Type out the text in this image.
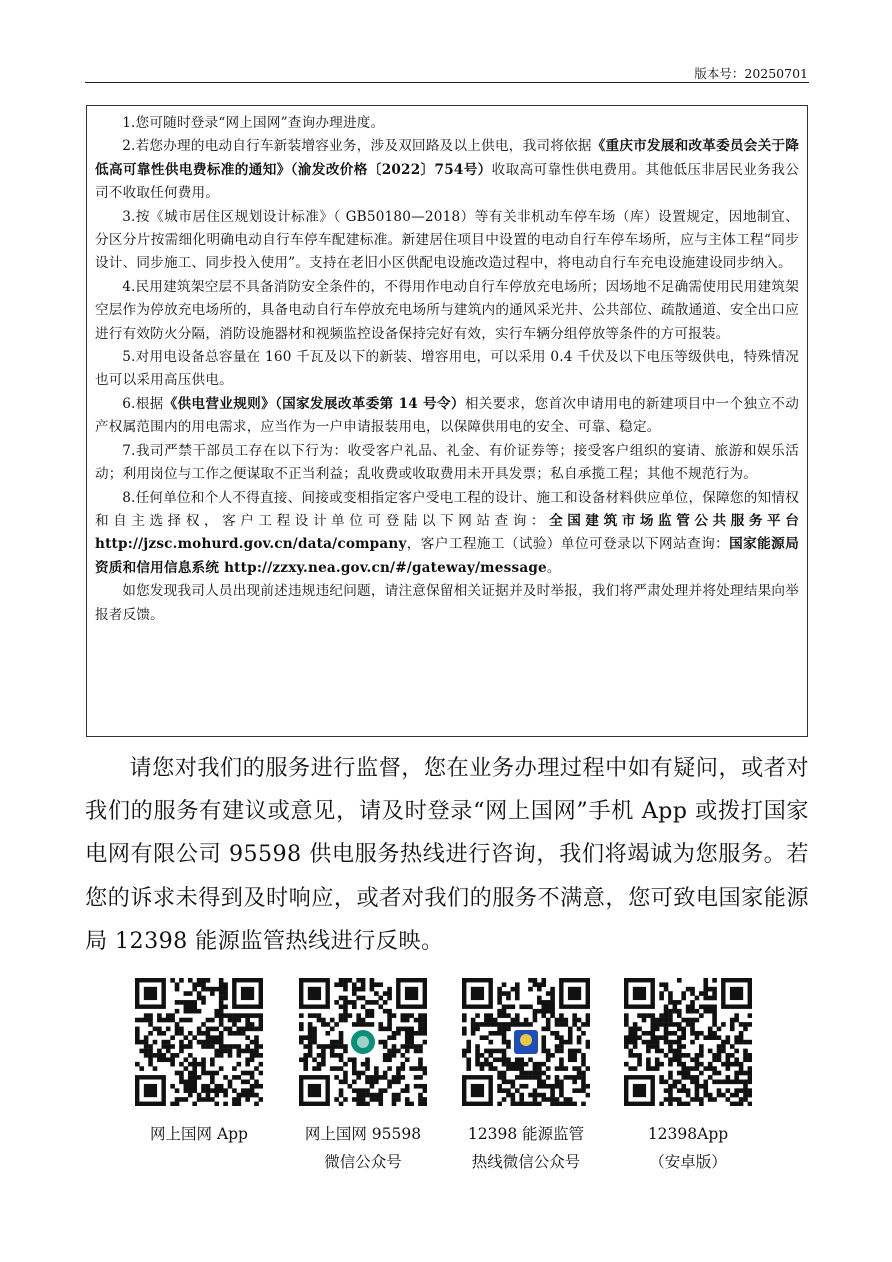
版本号：20250701

1.您可随时登录“网上国网”查询办理进度。

2.若您办理的电动自行车新装增容业务，涉及双回路及以上供电，我司将依据《重庆市发展和改革委员会关于降低高可靠性供电费标准的通知》（渝发改价格〔2022〕754号）收取高可靠性供电费用。其他低压非居民业务我公司不收取任何费用。

3.按《城市居住区规划设计标准》（ GB50180—2018）等有关非机动车停车场（库）设置规定，因地制宜、分区分片按需细化明确电动自行车停车配建标准。新建居住项目中设置的电动自行车停车场所，应与主体工程“同步设计、同步施工、同步投入使用”。支持在老旧小区供配电设施改造过程中，将电动自行车充电设施建设同步纳入。

4.民用建筑架空层不具备消防安全条件的，不得用作电动自行车停放充电场所；因场地不足确需使用民用建筑架空层作为停放充电场所的，具备电动自行车停放充电场所与建筑内的通风采光井、公共部位、疏散通道、安全出口应进行有效防火分隔，消防设施器材和视频监控设备保持完好有效，实行车辆分组停放等条件的方可报装。

5.对用电设备总容量在 160 千瓦及以下的新装、增容用电，可以采用 0.4 千伏及以下电压等级供电，特殊情况也可以采用高压供电。

6.根据《供电营业规则》（国家发展改革委第 14 号令）相关要求，您首次申请用电的新建项目中一个独立不动产权属范围内的用电需求，应当作为一户申请报装用电，以保障供用电的安全、可靠、稳定。

7.我司严禁干部员工存在以下行为：收受客户礼品、礼金、有价证券等；接受客户组织的宴请、旅游和娱乐活动；利用岗位与工作之便谋取不正当利益；乱收费或收取费用未开具发票；私自承揽工程；其他不规范行为。

8.任何单位和个人不得直接、间接或变相指定客户受电工程的设计、施工和设备材料供应单位，保障您的知情权和自主选择权，客户工程设计单位可登陆以下网站查询：全国建筑市场监管公共服务平台 http://jzsc.mohurd.gov.cn/data/company，客户工程施工（试验）单位可登录以下网站查询：国家能源局资质和信用信息系统 http://zzxy.nea.gov.cn/#/gateway/message。

如您发现我司人员出现前述违规违纪问题，请注意保留相关证据并及时举报，我们将严肃处理并将处理结果向举报者反馈。

请您对我们的服务进行监督，您在业务办理过程中如有疑问，或者对我们的服务有建议或意见，请及时登录“网上国网”手机 App 或拨打国家电网有限公司 95598 供电服务热线进行咨询，我们将竭诚为您服务。若您的诉求未得到及时响应，或者对我们的服务不满意，您可致电国家能源局 12398 能源监管热线进行反映。

网上国网 App	网上国网 95598
微信公众号
12398 能源监管
热线微信公众号
12398App
（安卓版）
